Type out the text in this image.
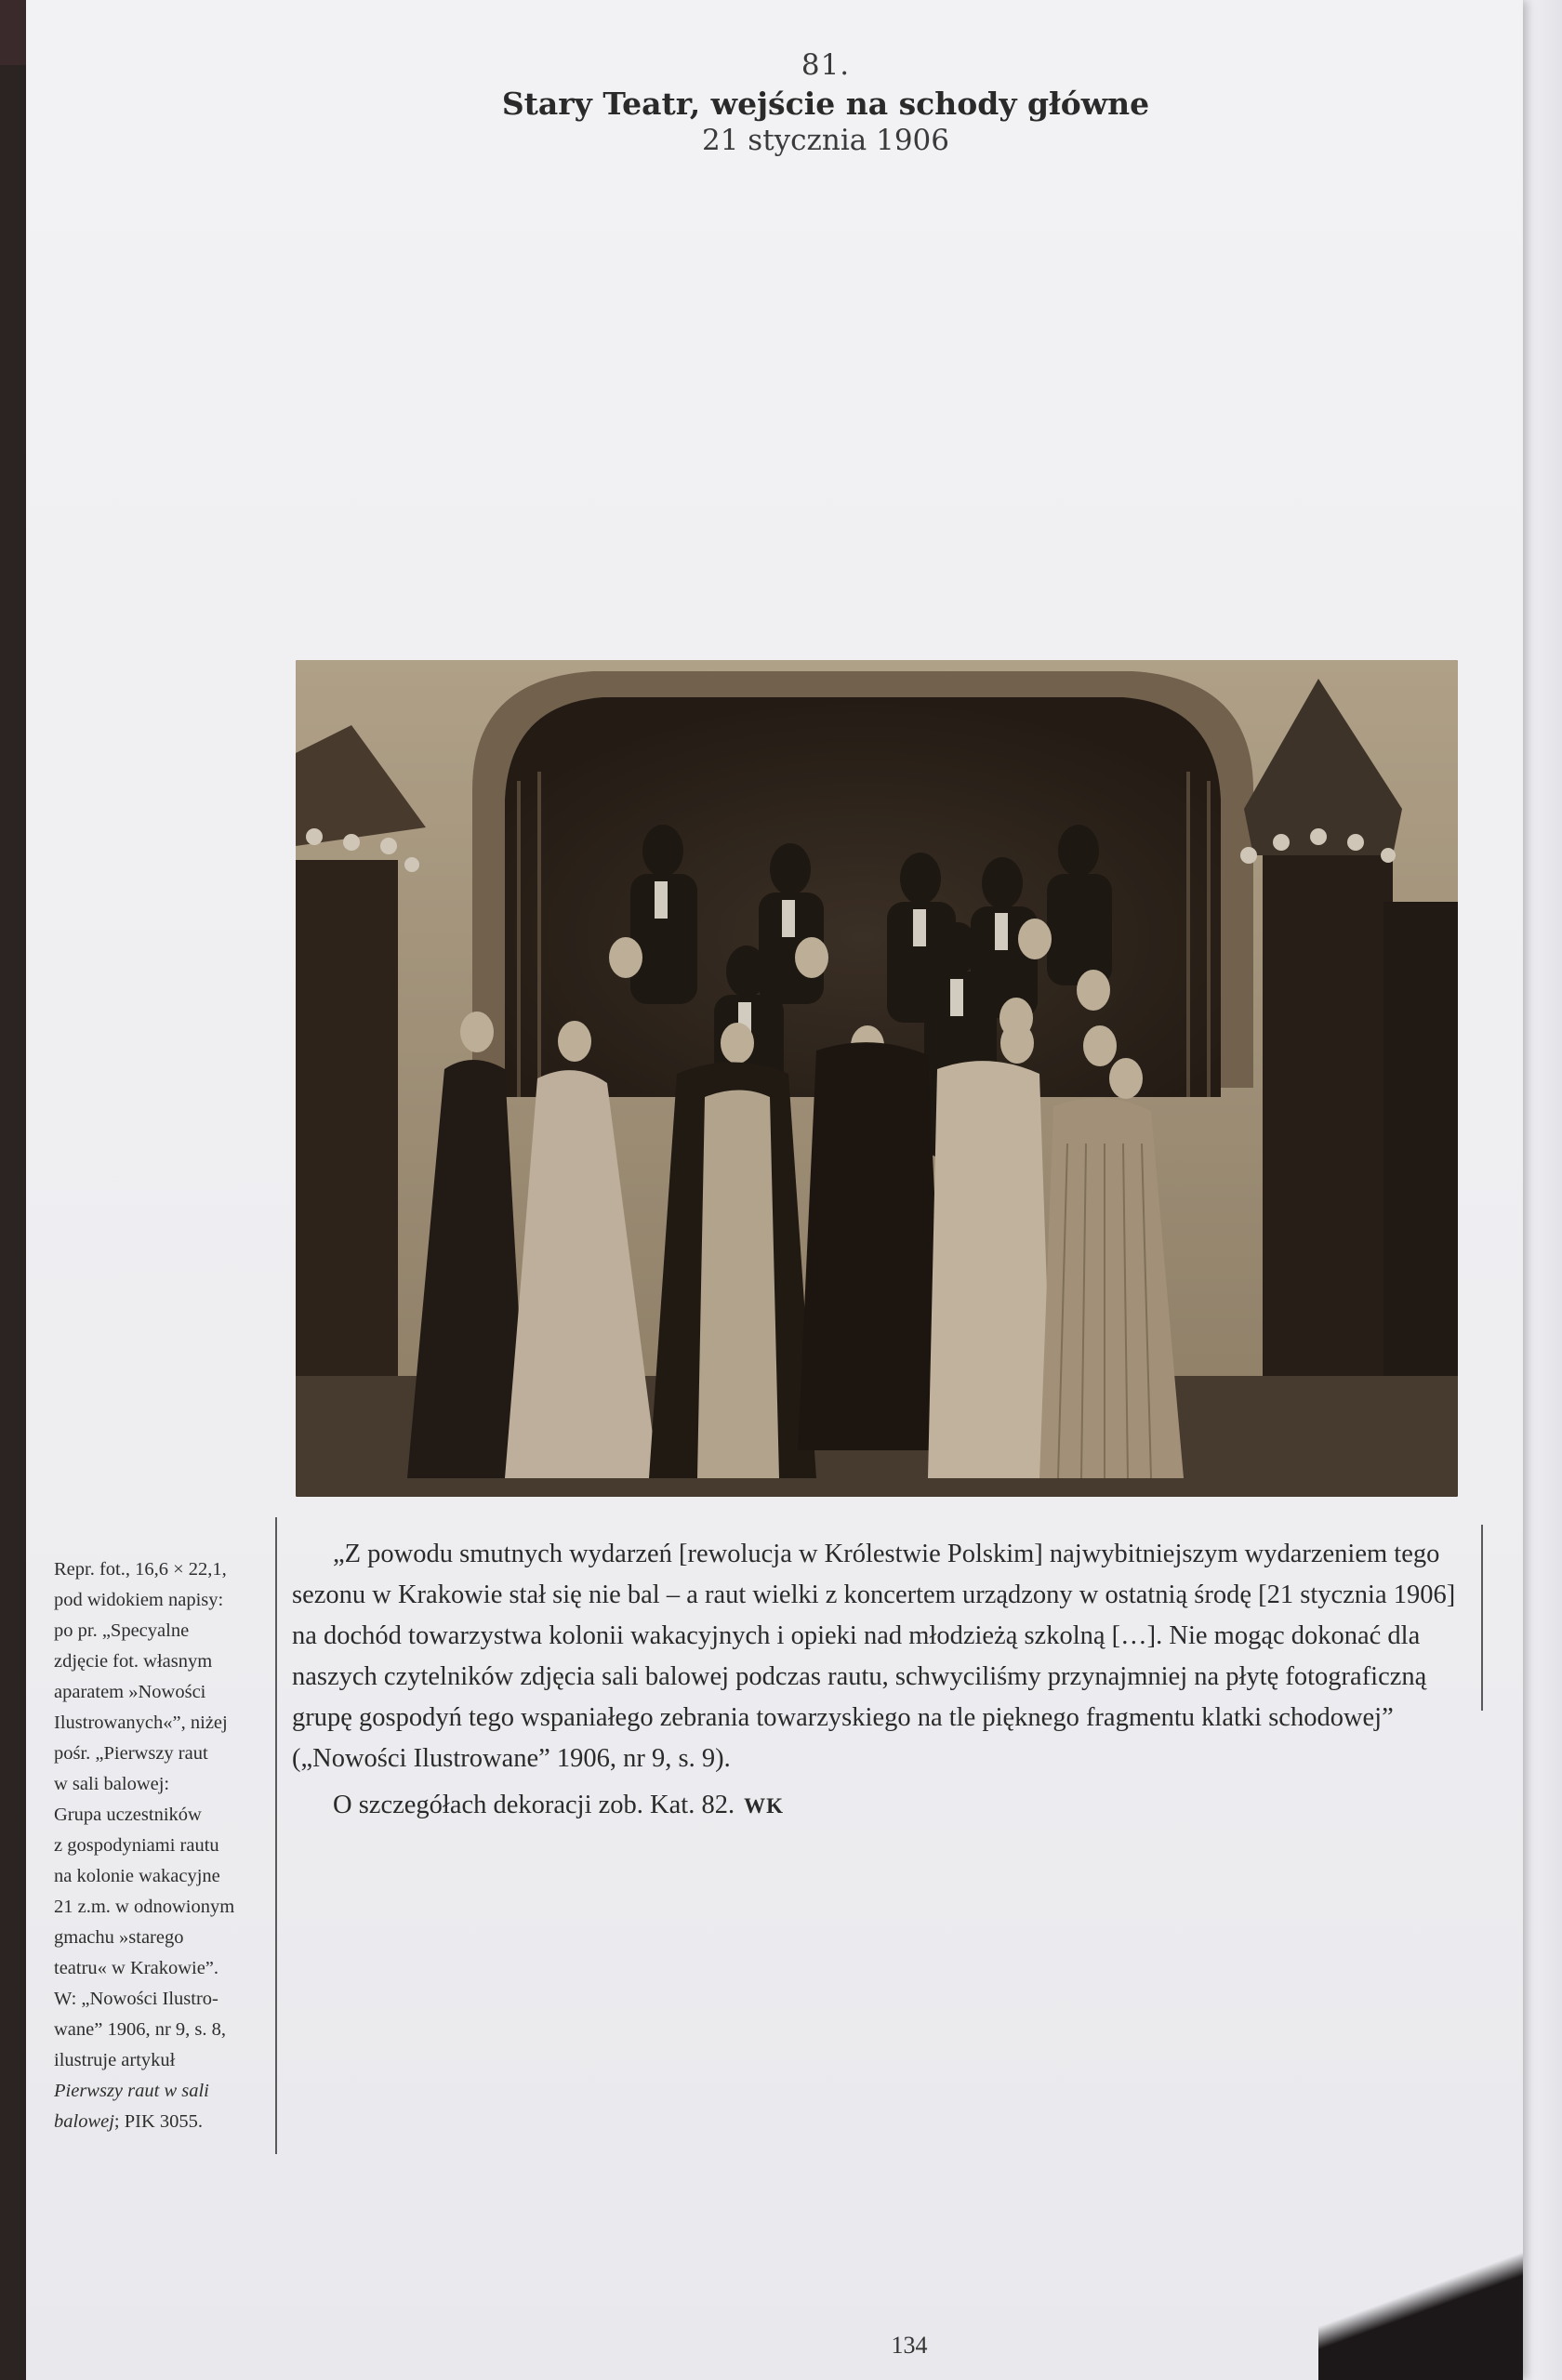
81.
Stary Teatr, wejście na schody główne
21 stycznia 1906
Repr. fot., 16,6 × 22,1,
pod widokiem napisy:
po pr. „Specyalne
zdjęcie fot. własnym
aparatem »Nowości
Ilustrowanych«”, niżej
pośr. „Pierwszy raut
w sali balowej:
Grupa uczestników
z gospodyniami rautu
na kolonie wakacyjne
21 z.m. w odnowionym
gmachu »starego
teatru« w Krakowie”.
W: „Nowości Ilustro-
wane” 1906, nr 9, s. 8,
ilustruje artykuł
Pierwszy raut w sali
balowej; PIK 3055.

„Z powodu smutnych wydarzeń [rewolucja w Królestwie Polskim] najwybitniejszym wydarzeniem tego sezonu w Krakowie stał się nie bal – a raut wielki z koncertem urządzony w ostatnią środę [21 stycznia 1906] na dochód towarzystwa kolonii wakacyjnych i opieki nad młodzieżą szkolną […]. Nie mogąc dokonać dla naszych czytelników zdjęcia sali balowej podczas rautu, schwyciliśmy przynajmniej na płytę fotograficzną grupę gospodyń tego wspaniałego zebrania towarzyskiego na tle pięknego fragmentu klatki schodowej” („Nowości Ilustrowane” 1906, nr 9, s. 9).

O szczegółach dekoracji zob. Kat. 82. WK

134
